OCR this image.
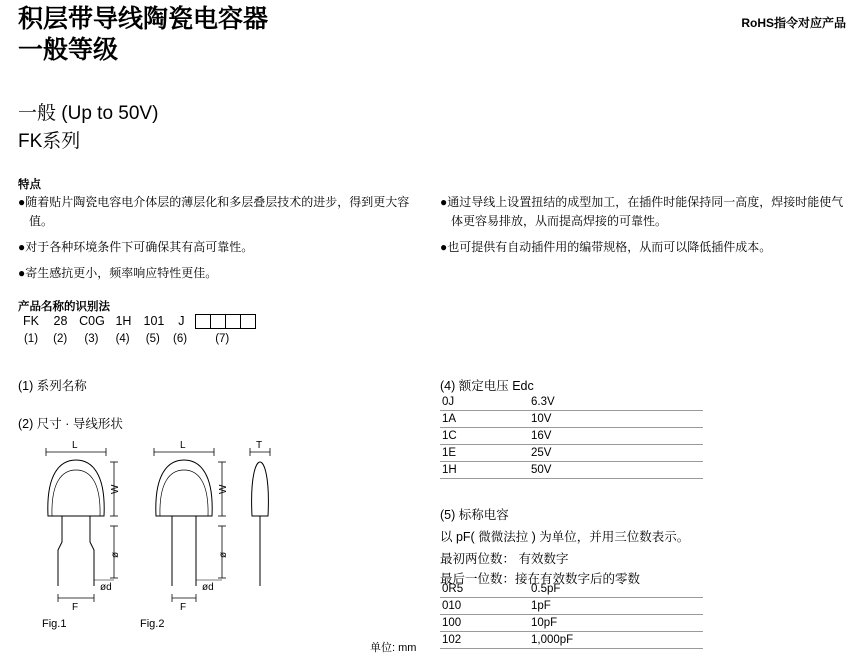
积层带导线陶瓷电容器
一般等级
RoHS指令对应产品
一般 (Up to 50V)
FK系列
特点
●随着贴片陶瓷电容电介体层的薄层化和多层叠层技术的进步，得到更大容值。
●对于各种环境条件下可确保其有高可靠性。
●寄生感抗更小，频率响应特性更佳。
●通过导线上设置扭结的成型加工，在插件时能保持同一高度，焊接时能使气体更容易排放，从而提高焊接的可靠性。
●也可提供有自动插件用的编带规格，从而可以降低插件成本。
产品名称的识别法
FK 28 C0G 1H 101 J
(1) (2) (3) (4) (5) (6) (7)
(1) 系列名称
(2) 尺寸 · 导线形状
L
W
ø
ød
F
Fig.1
L
W
ø
ød
F
Fig.2
T
单位: mm
(4) 额定电压 Edc
0J	6.3V
1A	10V
1C	16V
1E	25V
1H	50V
(5) 标称电容
以 pF( 微微法拉 ) 为单位，并用三位数表示。
最初两位数： 有效数字
最后一位数：接在有效数字后的零数
0R5	0.5pF
010	1pF
100	10pF
102	1,000pF
